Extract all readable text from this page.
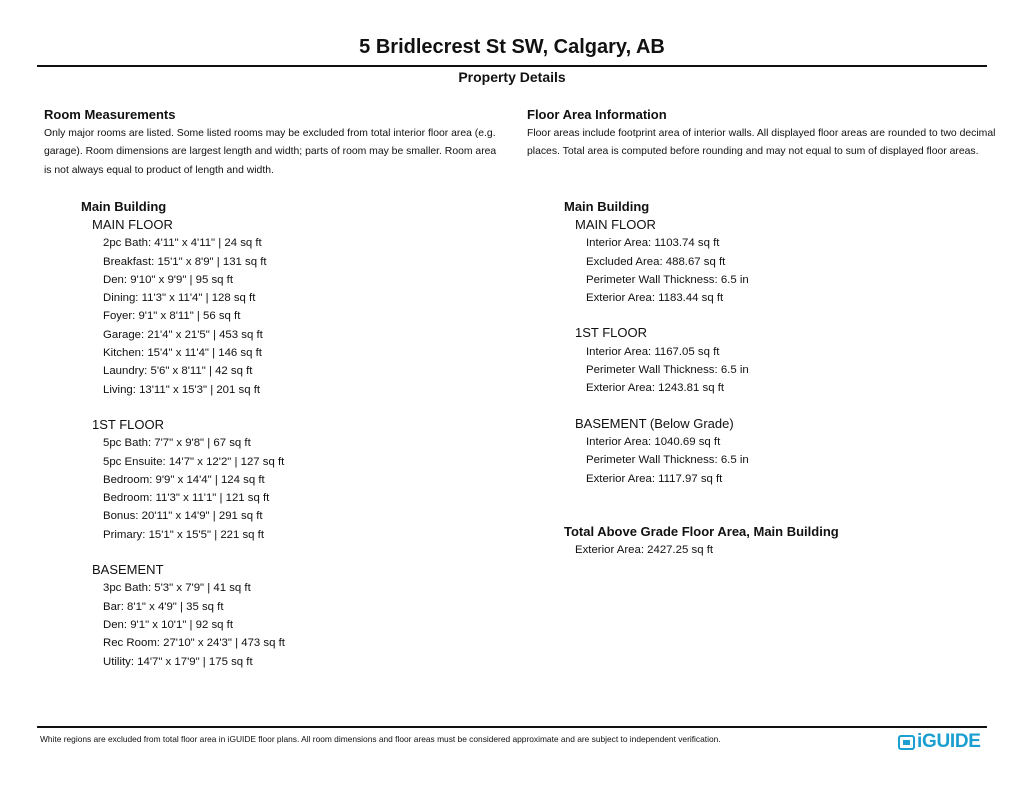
5 Bridlecrest St SW, Calgary, AB
Property Details
Room Measurements
Only major rooms are listed. Some listed rooms may be excluded from total interior floor area (e.g. garage). Room dimensions are largest length and width; parts of room may be smaller. Room area is not always equal to product of length and width.
Main Building
MAIN FLOOR
2pc Bath: 4'11" x 4'11" | 24 sq ft
Breakfast: 15'1" x 8'9" | 131 sq ft
Den: 9'10" x 9'9" | 95 sq ft
Dining: 11'3" x 11'4" | 128 sq ft
Foyer: 9'1" x 8'11" | 56 sq ft
Garage: 21'4" x 21'5" | 453 sq ft
Kitchen: 15'4" x 11'4" | 146 sq ft
Laundry: 5'6" x 8'11" | 42 sq ft
Living: 13'11" x 15'3" | 201 sq ft
1ST FLOOR
5pc Bath: 7'7" x 9'8" | 67 sq ft
5pc Ensuite: 14'7" x 12'2" | 127 sq ft
Bedroom: 9'9" x 14'4" | 124 sq ft
Bedroom: 11'3" x 11'1" | 121 sq ft
Bonus: 20'11" x 14'9" | 291 sq ft
Primary: 15'1" x 15'5" | 221 sq ft
BASEMENT
3pc Bath: 5'3" x 7'9" | 41 sq ft
Bar: 8'1" x 4'9" | 35 sq ft
Den: 9'1" x 10'1" | 92 sq ft
Rec Room: 27'10" x 24'3" | 473 sq ft
Utility: 14'7" x 17'9" | 175 sq ft
Floor Area Information
Floor areas include footprint area of interior walls. All displayed floor areas are rounded to two decimal places. Total area is computed before rounding and may not equal to sum of displayed floor areas.
Main Building
MAIN FLOOR
Interior Area: 1103.74 sq ft
Excluded Area: 488.67 sq ft
Perimeter Wall Thickness: 6.5 in
Exterior Area: 1183.44 sq ft
1ST FLOOR
Interior Area: 1167.05 sq ft
Perimeter Wall Thickness: 6.5 in
Exterior Area: 1243.81 sq ft
BASEMENT (Below Grade)
Interior Area: 1040.69 sq ft
Perimeter Wall Thickness: 6.5 in
Exterior Area: 1117.97 sq ft
Total Above Grade Floor Area, Main Building
Exterior Area: 2427.25 sq ft
White regions are excluded from total floor area in iGUIDE floor plans. All room dimensions and floor areas must be considered approximate and are subject to independent verification.	iGUIDE
